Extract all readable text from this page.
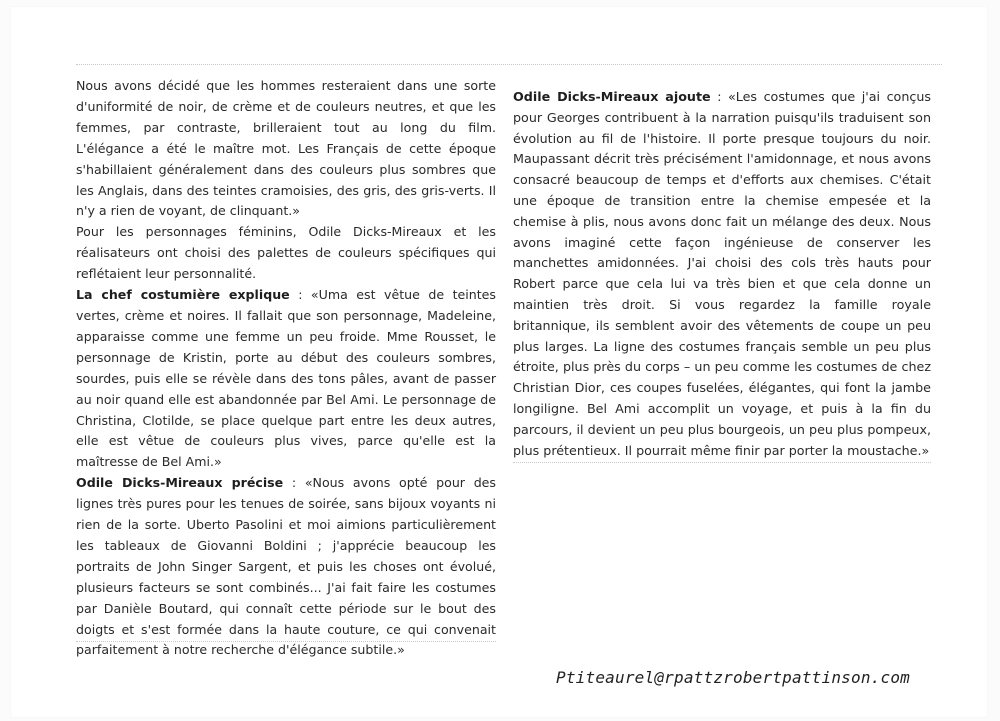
Nous avons décidé que les hommes resteraient dans une sorte d'uniformité de noir, de crème et de couleurs neutres, et que les femmes, par contraste, brilleraient tout au long du film. L'élégance a été le maître mot. Les Français de cette époque s'habillaient généralement dans des couleurs plus sombres que les Anglais, dans des teintes cramoisies, des gris, des gris-verts. Il n'y a rien de voyant, de clinquant.»

Pour les personnages féminins, Odile Dicks-Mireaux et les réalisateurs ont choisi des palettes de couleurs spécifiques qui reflétaient leur personnalité.

La chef costumière explique : «Uma est vêtue de teintes vertes, crème et noires. Il fallait que son personnage, Madeleine, apparaisse comme une femme un peu froide. Mme Rousset, le personnage de Kristin, porte au début des couleurs sombres, sourdes, puis elle se révèle dans des tons pâles, avant de passer au noir quand elle est abandonnée par Bel Ami. Le personnage de Christina, Clotilde, se place quelque part entre les deux autres, elle est vêtue de couleurs plus vives, parce qu'elle est la maîtresse de Bel Ami.»

Odile Dicks-Mireaux précise : «Nous avons opté pour des lignes très pures pour les tenues de soirée, sans bijoux voyants ni rien de la sorte. Uberto Pasolini et moi aimions particulièrement les tableaux de Giovanni Boldini ; j'apprécie beaucoup les portraits de John Singer Sargent, et puis les choses ont évolué, plusieurs facteurs se sont combinés... J'ai fait faire les costumes par Danièle Boutard, qui connaît cette période sur le bout des doigts et s'est formée dans la haute couture, ce qui convenait parfaitement à notre recherche d'élégance subtile.»

Odile Dicks-Mireaux ajoute : «Les costumes que j'ai conçus pour Georges contribuent à la narration puisqu'ils traduisent son évolution au fil de l'histoire. Il porte presque toujours du noir. Maupassant décrit très précisément l'amidonnage, et nous avons consacré beaucoup de temps et d'efforts aux chemises. C'était une époque de transition entre la chemise empesée et la chemise à plis, nous avons donc fait un mélange des deux. Nous avons imaginé cette façon ingénieuse de conserver les manchettes amidonnées. J'ai choisi des cols très hauts pour Robert parce que cela lui va très bien et que cela donne un maintien très droit. Si vous regardez la famille royale britannique, ils semblent avoir des vêtements de coupe un peu plus larges. La ligne des costumes français semble un peu plus étroite, plus près du corps – un peu comme les costumes de chez Christian Dior, ces coupes fuselées, élégantes, qui font la jambe longiligne. Bel Ami accomplit un voyage, et puis à la fin du parcours, il devient un peu plus bourgeois, un peu plus pompeux, plus prétentieux. Il pourrait même finir par porter la moustache.»

Ptiteaurel@rpattzrobertpattinson.com
